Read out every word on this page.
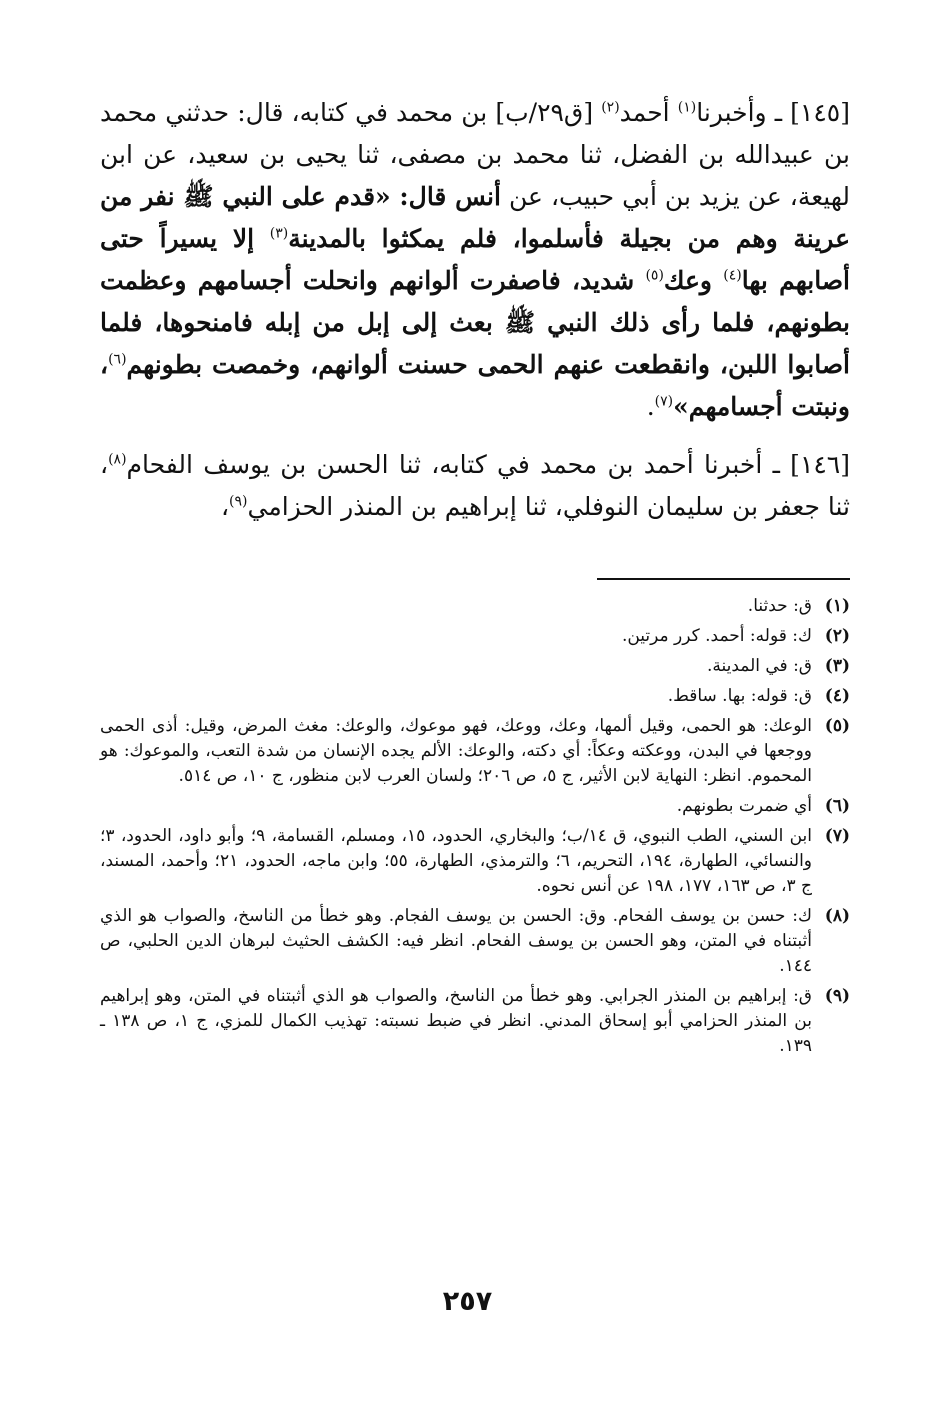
[١٤٥] ـ وأخبرنا$^{(١)}$ أحمد$^{(٢)}$ [ق٢٩/ب] بن محمد في كتابه، قال: حدثني محمد بن عبيدالله بن الفضل، ثنا محمد بن مصفى، ثنا يحيى بن سعيد، عن ابن لهيعة، عن يزيد بن أبي حبيب، عن أنس قال: «قدم على النبي ﷺ نفر من عرينة وهم من بجيلة فأسلموا، فلم يمكثوا بالمدينة$^{(٣)}$ إلا يسيراً حتى أصابهم بها$^{(٤)}$ وعك$^{(٥)}$ شديد، فاصفرت ألوانهم وانحلت أجسامهم وعظمت بطونهم، فلما رأى ذلك النبي ﷺ بعث إلى إبل من إبله فامنحوها، فلما أصابوا اللبن، وانقطعت عنهم الحمى حسنت ألوانهم، وخمصت بطونهم$^{(٦)}$، ونبتت أجسامهم»$^{(٧)}$.

[١٤٦] ـ أخبرنا أحمد بن محمد في كتابه، ثنا الحسن بن يوسف الفحام$^{(٨)}$، ثنا جعفر بن سليمان النوفلي، ثنا إبراهيم بن المنذر الحزامي$^{(٩)}$،

(١)
ق: حدثنا.
(٢)
ك: قوله: أحمد. كرر مرتين.
(٣)
ق: في المدينة.
(٤)
ق: قوله: بها. ساقط.
(٥)
الوعك: هو الحمى، وقيل ألمها، وعك، ووعك، فهو موعوك، والوعك: مغث المرض، وقيل: أذى الحمى ووجعها في البدن، ووعكته وعكاً: أي دكته، والوعك: الألم يجده الإنسان من شدة التعب، والموعوك: هو المحموم. انظر: النهاية لابن الأثير، ج ٥، ص ٢٠٦؛ ولسان العرب لابن منظور، ج ١٠، ص ٥١٤.
(٦)
أي ضمرت بطونهم.
(٧)
ابن السني، الطب النبوي، ق ١٤/ب؛ والبخاري، الحدود، ١٥، ومسلم، القسامة، ٩؛ وأبو داود، الحدود، ٣؛ والنسائي، الطهارة، ١٩٤، التحريم، ٦؛ والترمذي، الطهارة، ٥٥؛ وابن ماجه، الحدود، ٢١؛ وأحمد، المسند، ج ٣، ص ١٦٣، ١٧٧، ١٩٨ عن أنس نحوه.
(٨)
ك: حسن بن يوسف الفحام. وق: الحسن بن يوسف الفجام. وهو خطأ من الناسخ، والصواب هو الذي أثبتناه في المتن، وهو الحسن بن يوسف الفحام. انظر فيه: الكشف الحثيث لبرهان الدين الحلبي، ص ١٤٤.
(٩)
ق: إبراهيم بن المنذر الجرابي. وهو خطأ من الناسخ، والصواب هو الذي أثبتناه في المتن، وهو إبراهيم بن المنذر الحزامي أبو إسحاق المدني. انظر في ضبط نسبته: تهذيب الكمال للمزي، ج ١، ص ١٣٨ ـ ١٣٩.
٢٥٧
